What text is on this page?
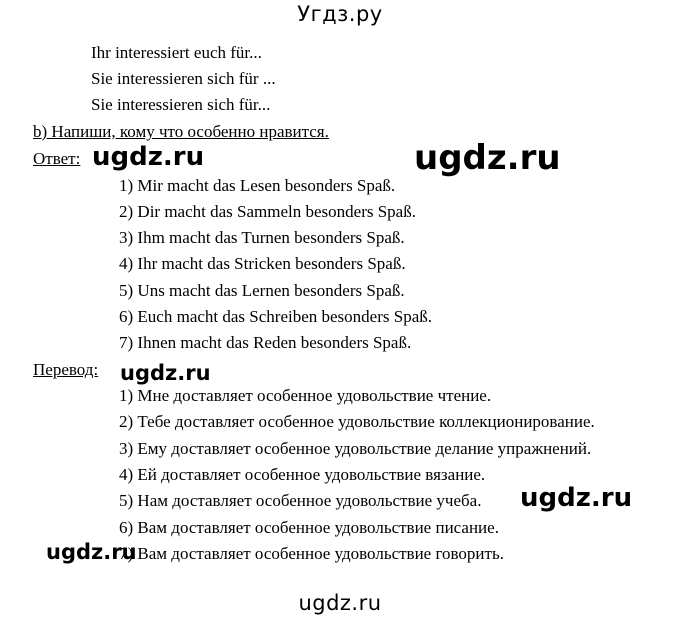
Угдз.ру
Ihr interessiert euch für...
Sie interessieren sich für ...
Sie interessieren sich für...
b) Напиши, кому что особенно нравится.
Ответ: ugdz.ru	ugdz.ru
1) Mir macht das Lesen besonders Spaß.
2) Dir macht das Sammeln besonders Spaß.
3) Ihm macht das Turnen besonders Spaß.
4) Ihr macht das Stricken besonders Spaß.
5) Uns macht das Lernen besonders Spaß.
6) Euch macht das Schreiben besonders Spaß.
7) Ihnen macht das Reden besonders Spaß.
Перевод: ugdz.ru
1) Мне доставляет особенное удовольствие чтение.
2) Тебе доставляет особенное удовольствие коллекционирование.
3) Ему доставляет особенное удовольствие делание упражнений.
4) Ей доставляет особенное удовольствие вязание.
5) Нам доставляет особенное удовольствие учеба.
6) Вам доставляет особенное удовольствие писание.
7) Вам доставляет особенное удовольствие говорить.
ugdz.ru
ugdz.ru
ugdz.ru
